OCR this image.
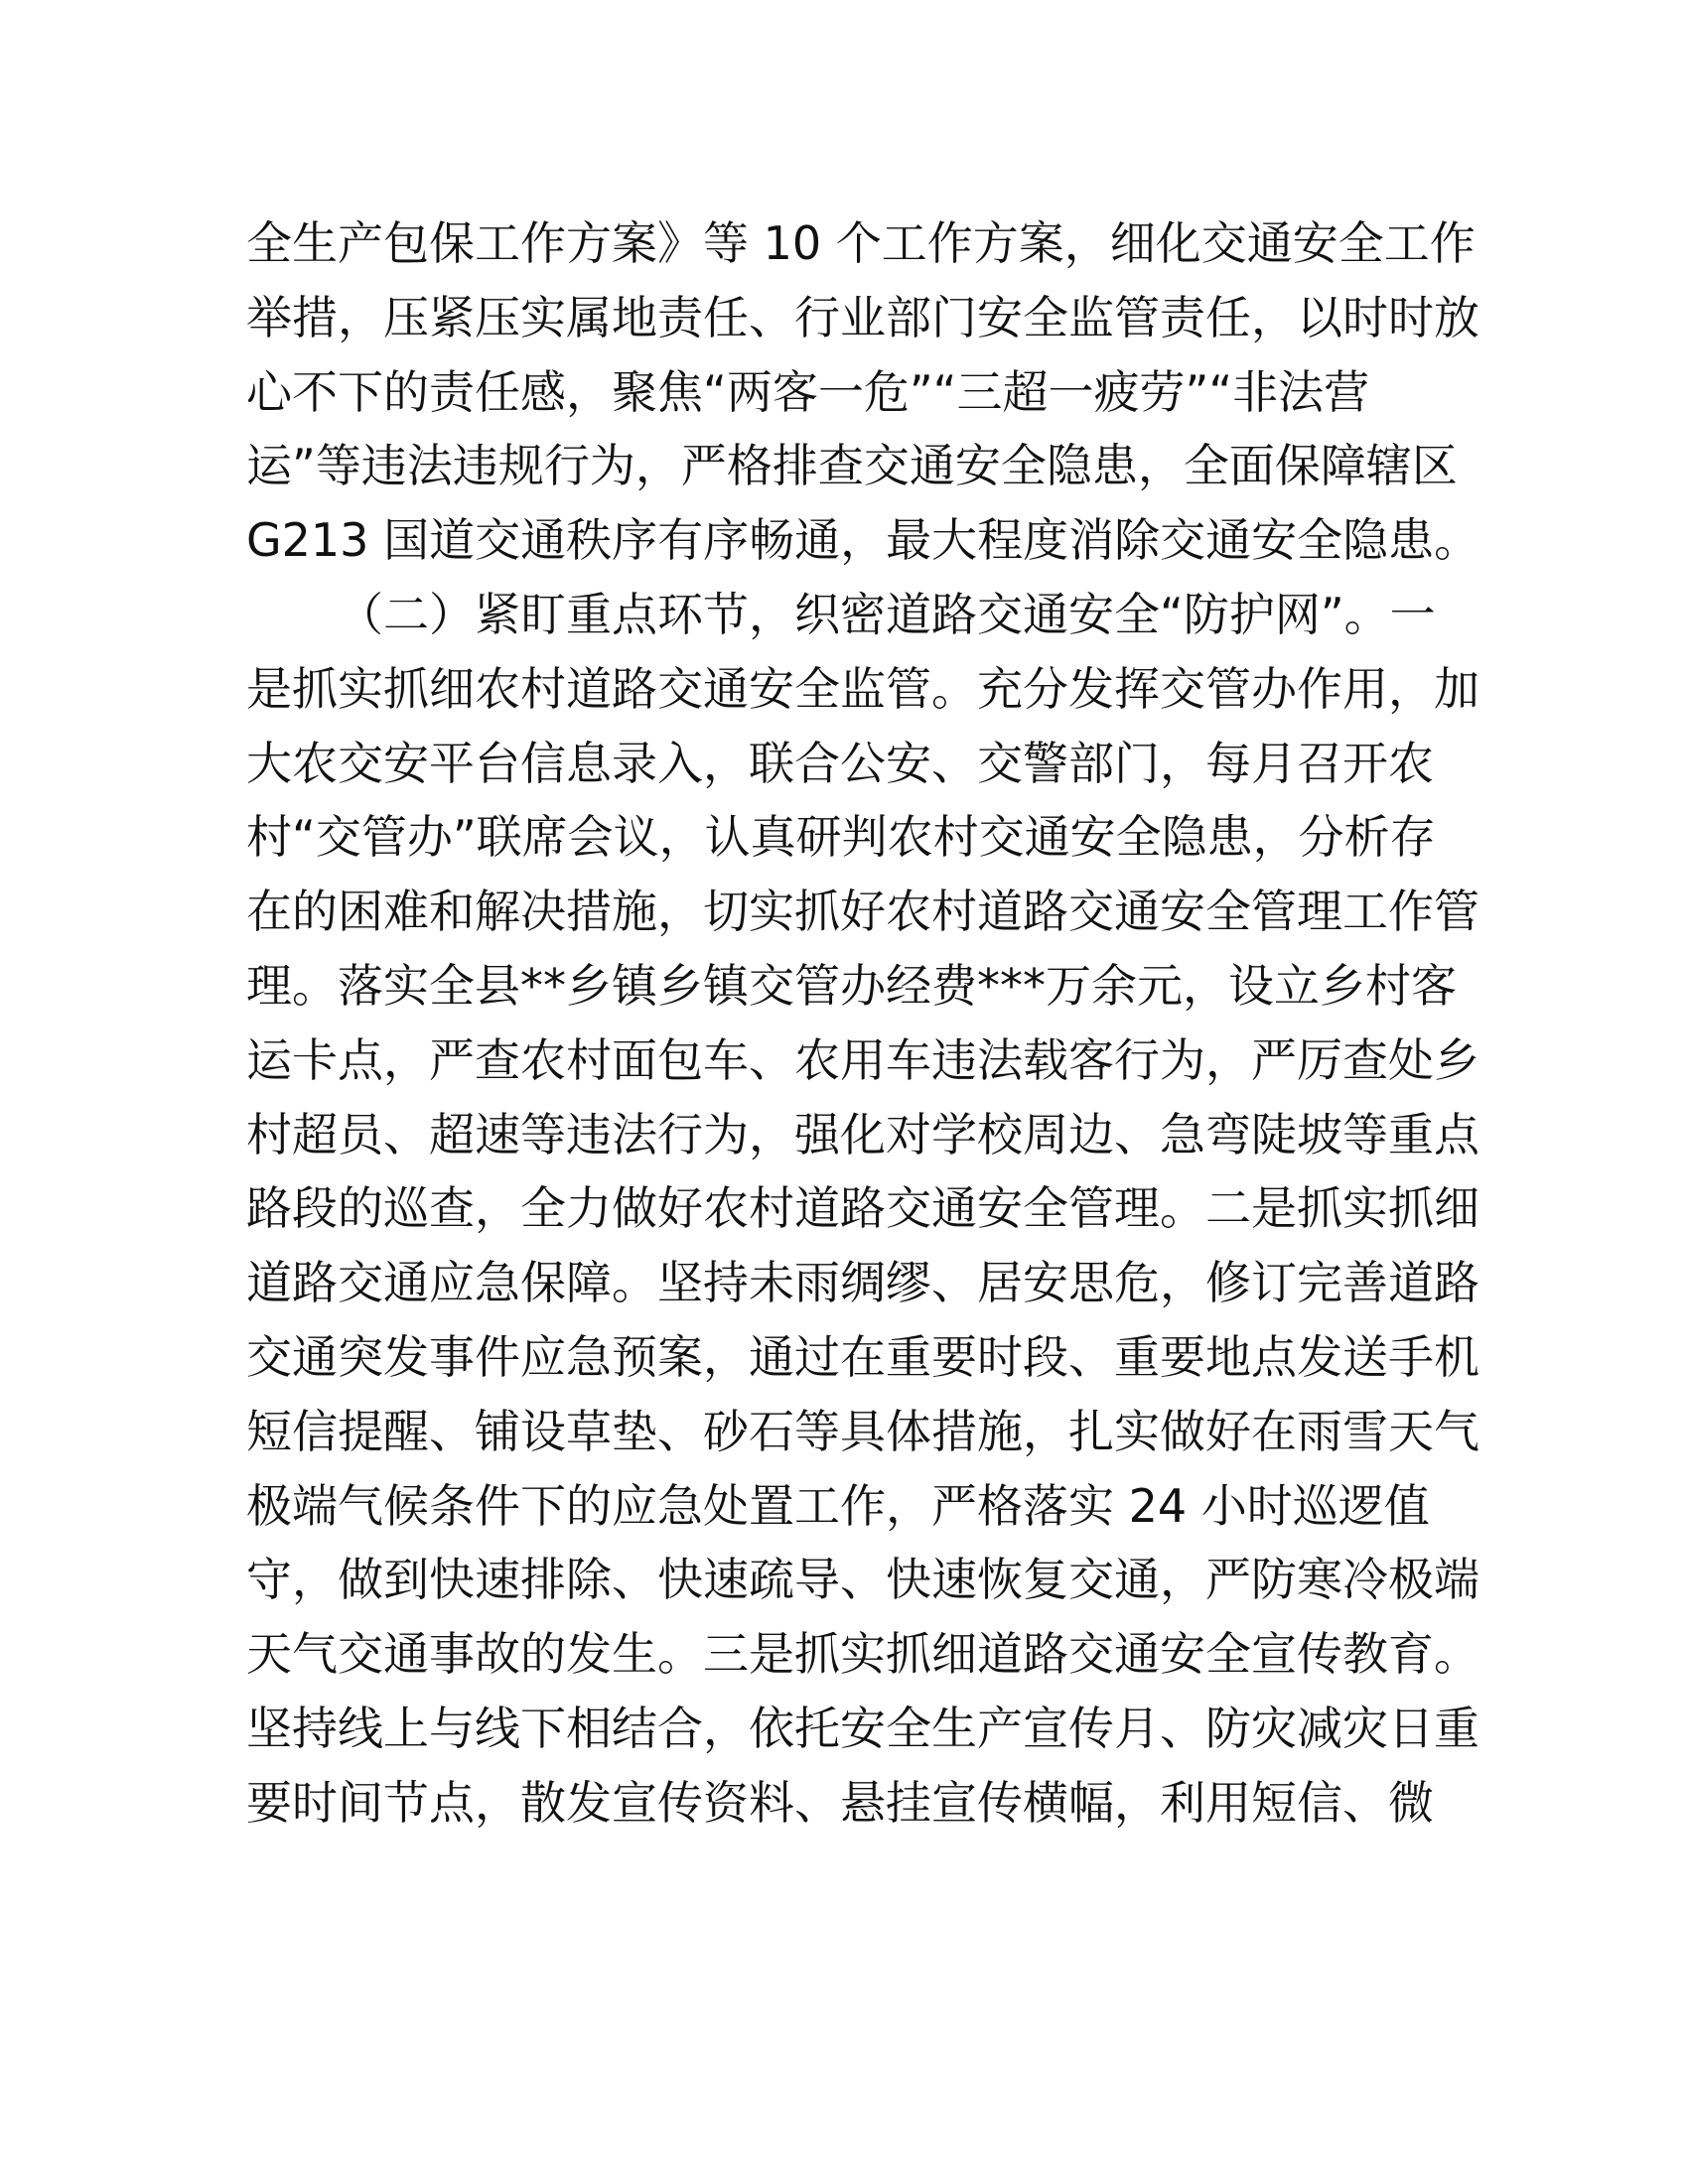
全生产包保工作方案》等 10 个工作方案，细化交通安全工作
举措，压紧压实属地责任、行业部门安全监管责任，以时时放
心不下的责任感，聚焦“两客一危”“三超一疲劳”“非法营
运”等违法违规行为，严格排查交通安全隐患，全面保障辖区
G213 国道交通秩序有序畅通，最大程度消除交通安全隐患。
（二）紧盯重点环节，织密道路交通安全“防护网”。一
是抓实抓细农村道路交通安全监管。充分发挥交管办作用，加
大农交安平台信息录入，联合公安、交警部门，每月召开农
村“交管办”联席会议，认真研判农村交通安全隐患，分析存
在的困难和解决措施，切实抓好农村道路交通安全管理工作管
理。落实全县**乡镇乡镇交管办经费***万余元，设立乡村客
运卡点，严查农村面包车、农用车违法载客行为，严厉查处乡
村超员、超速等违法行为，强化对学校周边、急弯陡坡等重点
路段的巡查，全力做好农村道路交通安全管理。二是抓实抓细
道路交通应急保障。坚持未雨绸缪、居安思危，修订完善道路
交通突发事件应急预案，通过在重要时段、重要地点发送手机
短信提醒、铺设草垫、砂石等具体措施，扎实做好在雨雪天气
极端气候条件下的应急处置工作，严格落实 24 小时巡逻值
守，做到快速排除、快速疏导、快速恢复交通，严防寒冷极端
天气交通事故的发生。三是抓实抓细道路交通安全宣传教育。
坚持线上与线下相结合，依托安全生产宣传月、防灾减灾日重
要时间节点，散发宣传资料、悬挂宣传横幅，利用短信、微
